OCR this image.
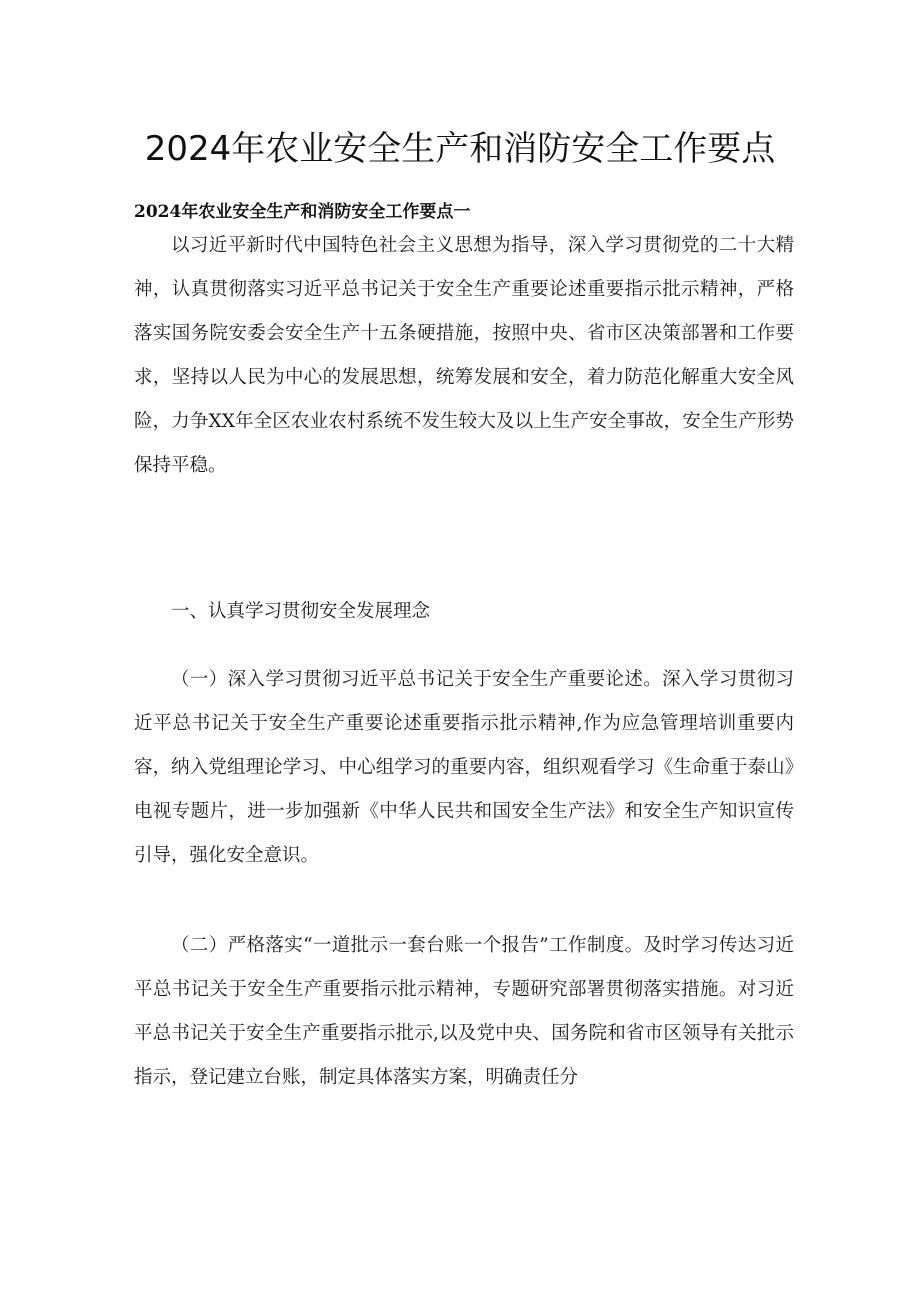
2024年农业安全生产和消防安全工作要点
2024年农业安全生产和消防安全工作要点一

以习近平新时代中国特色社会主义思想为指导，深入学习贯彻党的二十大精神，认真贯彻落实习近平总书记关于安全生产重要论述重要指示批示精神，严格落实国务院安委会安全生产十五条硬措施，按照中央、省市区决策部署和工作要求，坚持以人民为中心的发展思想，统筹发展和安全，着力防范化解重大安全风险，力争XX年全区农业农村系统不发生较大及以上生产安全事故，安全生产形势保持平稳。

一、认真学习贯彻安全发展理念

（一）深入学习贯彻习近平总书记关于安全生产重要论述。深入学习贯彻习近平总书记关于安全生产重要论述重要指示批示精神,作为应急管理培训重要内容，纳入党组理论学习、中心组学习的重要内容，组织观看学习《生命重于泰山》电视专题片，进一步加强新《中华人民共和国安全生产法》和安全生产知识宣传引导，强化安全意识。

（二）严格落实“一道批示一套台账一个报告”工作制度。及时学习传达习近平总书记关于安全生产重要指示批示精神，专题研究部署贯彻落实措施。对习近平总书记关于安全生产重要指示批示,以及党中央、国务院和省市区领导有关批示指示，登记建立台账，制定具体落实方案，明确责任分
